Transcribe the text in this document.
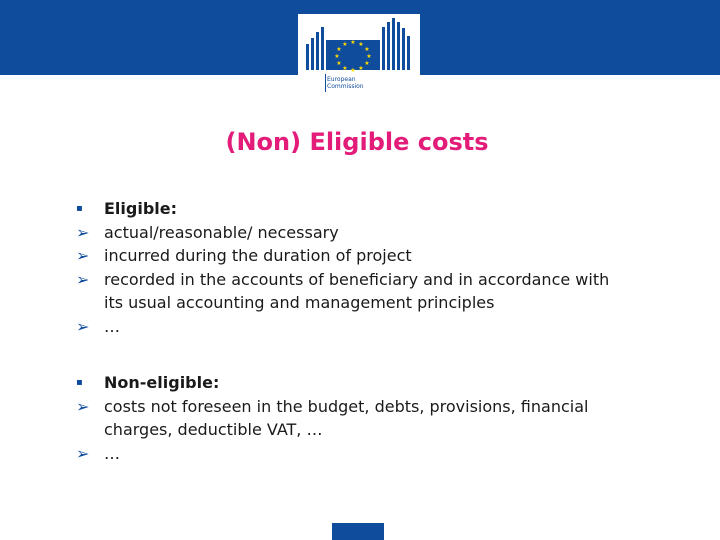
★ ★
★
★
★
★
★
★
★
★
★
★
European
Commission
(Non) Eligible costs
▪	Eligible:
➢ actual/reasonable/ necessary
➢ incurred during the duration of project
➢ recorded in the accounts of beneficiary and in accordance with
its usual accounting and management principles
➢ …
▪	Non-eligible:
➢ costs not foreseen in the budget, debts, provisions, financial
charges, deductible VAT, …
➢ …
